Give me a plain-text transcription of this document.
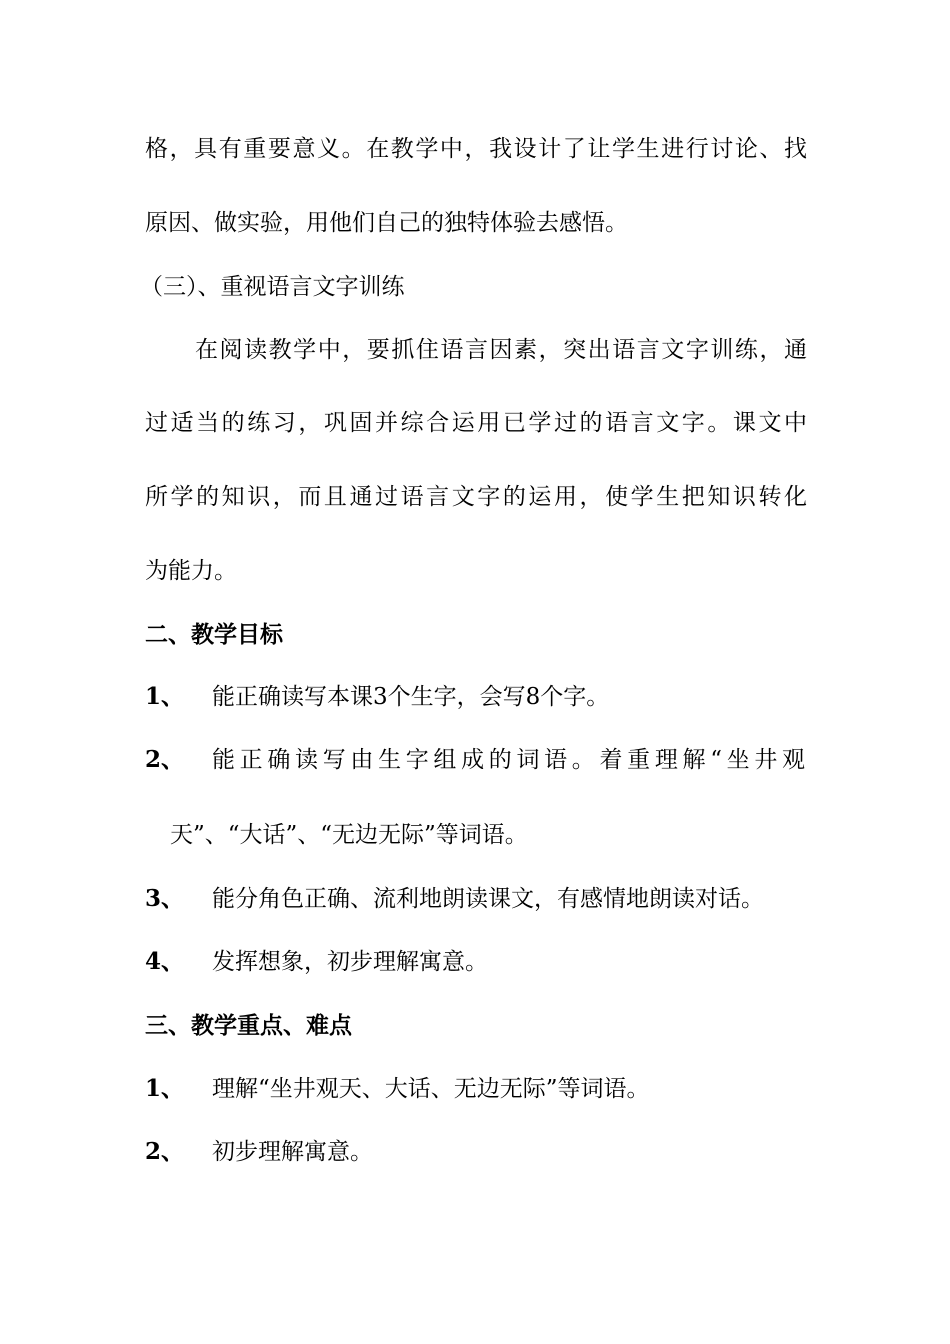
格，具有重要意义。在教学中，我设计了让学生进行讨论、找

原因、做实验，用他们自己的独特体验去感悟。

（三）、重视语言文字训练

在阅读教学中，要抓住语言因素，突出语言文字训练，通

过适当的练习，巩固并综合运用已学过的语言文字。课文中

所学的知识，而且通过语言文字的运用，使学生把知识转化

为能力。

二、教学目标

1、 能正确读写本课3个生字，会写8个字。

2、 能正确读写由生字组成的词语。着重理解“坐井观

天”、“大话”、“无边无际”等词语。

3、 能分角色正确、流利地朗读课文，有感情地朗读对话。

4、 发挥想象，初步理解寓意。

三、教学重点、难点

1、 理解“坐井观天、大话、无边无际”等词语。

2、 初步理解寓意。
